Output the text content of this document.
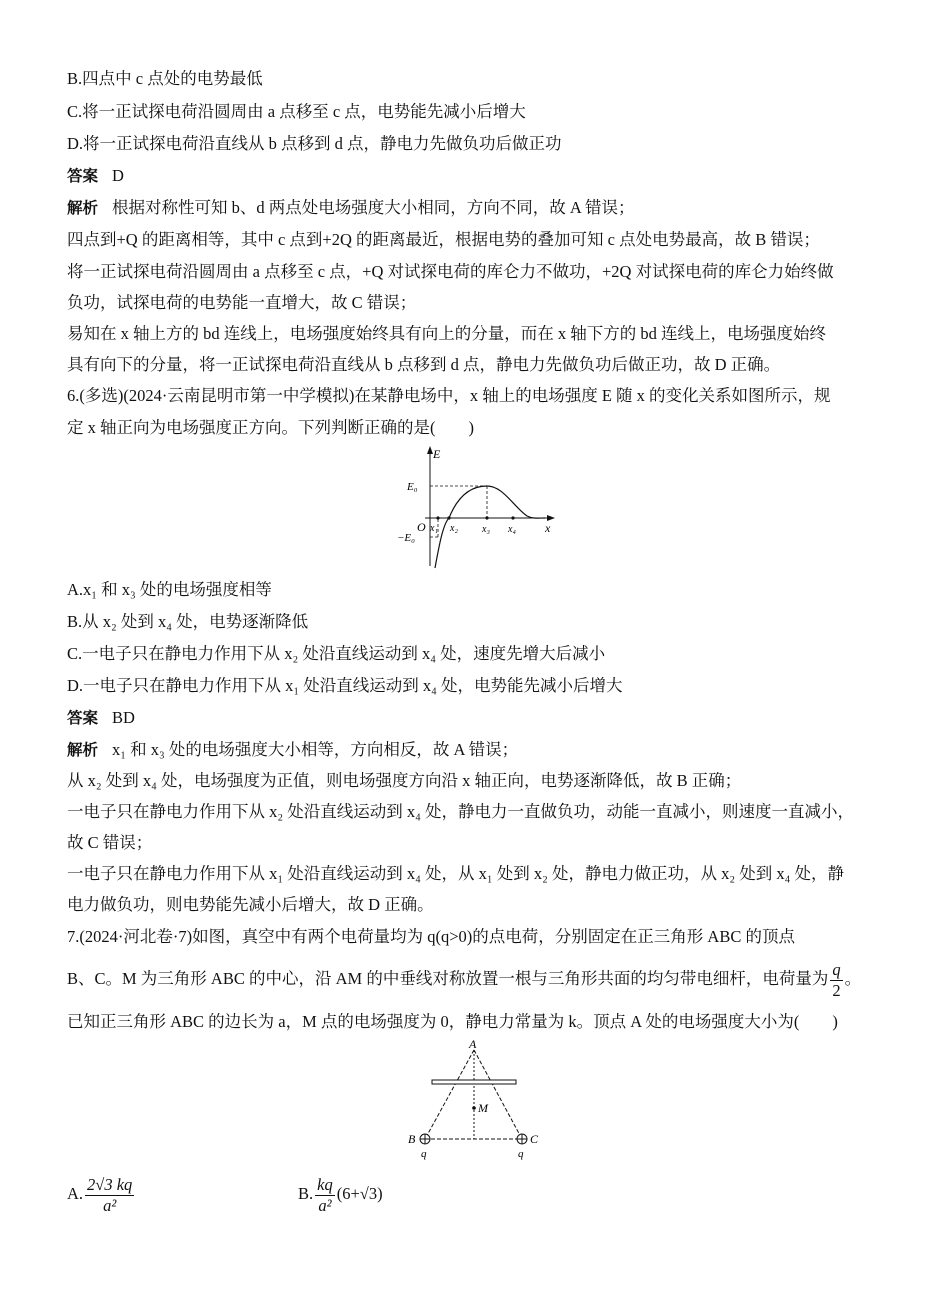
B.四点中 c 点处的电势最低
C.将一正试探电荷沿圆周由 a 点移至 c 点，电势能先减小后增大
D.将一正试探电荷沿直线从 b 点移到 d 点，静电力先做负功后做正功
答案 D
解析 根据对称性可知 b、d 两点处电场强度大小相同，方向不同，故 A 错误；
四点到+Q 的距离相等，其中 c 点到+2Q 的距离最近，根据电势的叠加可知 c 点处电势最高，故 B 错误；
将一正试探电荷沿圆周由 a 点移至 c 点，+Q 对试探电荷的库仑力不做功，+2Q 对试探电荷的库仑力始终做
负功，试探电荷的电势能一直增大，故 C 错误；
易知在 x 轴上方的 bd 连线上，电场强度始终具有向上的分量，而在 x 轴下方的 bd 连线上，电场强度始终
具有向下的分量，将一正试探电荷沿直线从 b 点移到 d 点，静电力先做负功后做正功，故 D 正确。
6.(多选)(2024·云南昆明市第一中学模拟)在某静电场中，x 轴上的电场强度 E 随 x 的变化关系如图所示，规
定 x 轴正向为电场强度正方向。下列判断正确的是(　　)
E
x
O
E₀
−E₀
x₁ x₂ x₃ x₄
A.x₁ 和 x₃ 处的电场强度相等
B.从 x₂ 处到 x₄ 处，电势逐渐降低
C.一电子只在静电力作用下从 x₂ 处沿直线运动到 x₄ 处，速度先增大后减小
D.一电子只在静电力作用下从 x₁ 处沿直线运动到 x₄ 处，电势能先减小后增大
答案 BD
解析 x₁ 和 x₃ 处的电场强度大小相等，方向相反，故 A 错误；
从 x₂ 处到 x₄ 处，电场强度为正值，则电场强度方向沿 x 轴正向，电势逐渐降低，故 B 正确；
一电子只在静电力作用下从 x₂ 处沿直线运动到 x₄ 处，静电力一直做负功，动能一直减小，则速度一直减小，
故 C 错误；
一电子只在静电力作用下从 x₁ 处沿直线运动到 x₄ 处，从 x₁ 处到 x₂ 处，静电力做正功，从 x₂ 处到 x₄ 处，静
电力做负功，则电势能先减小后增大，故 D 正确。
7.(2024·河北卷·7)如图，真空中有两个电荷量均为 q(q>0)的点电荷，分别固定在正三角形 ABC 的顶点
B、C。M 为三角形 ABC 的中心，沿 AM 的中垂线对称放置一根与三角形共面的均匀带电细杆，电荷量为 $\frac{q}{2}$ 。
已知正三角形 ABC 的边长为 a，M 点的电场强度为 0，静电力常量为 k。顶点 A 处的电场强度大小为(　　)
A
M
B	C
q	q
A. $\frac{2√3 kq}{\text{a²}}$	B. $\frac{kq}{\text{a²}} (6+√3)$
